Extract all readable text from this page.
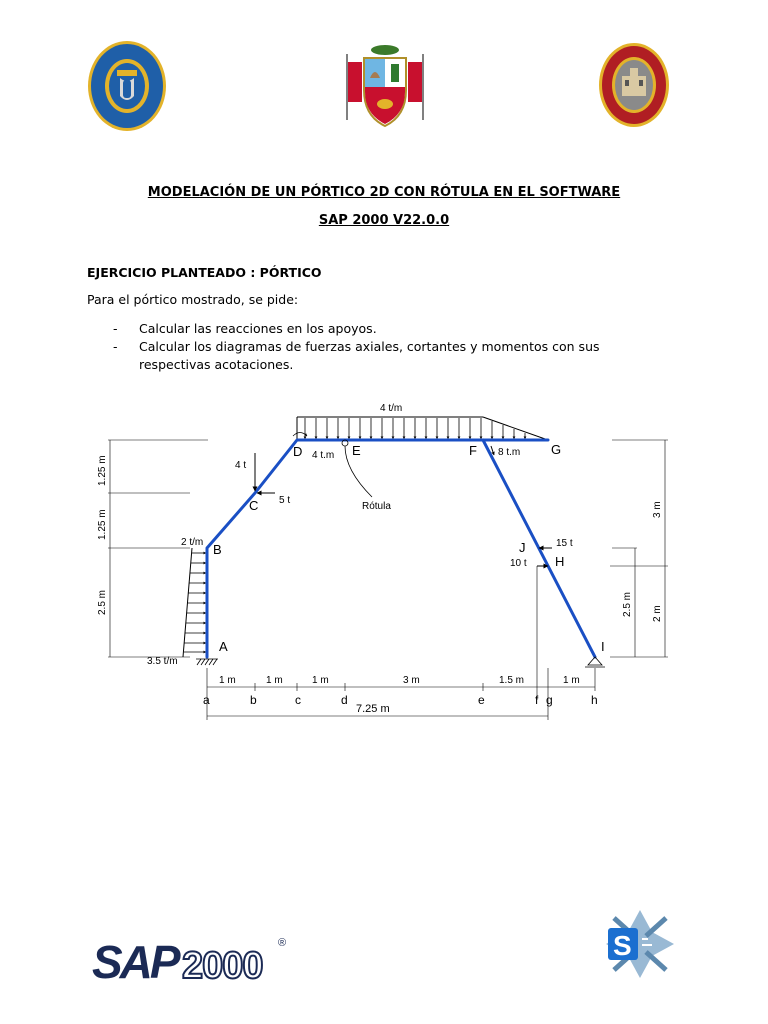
MODELACIÓN DE UN PÓRTICO 2D CON RÓTULA EN EL SOFTWARE
SAP 2000 V22.0.0
EJERCICIO PLANTEADO : PÓRTICO
Para el pórtico mostrado, se pide:
- Calcular las reacciones en los apoyos.
- Calcular los diagramas de fuerzas axiales, cortantes y momentos con sus respectivas acotaciones.
4 t/m
2 t/m
3.5 t/m
Rótula
4 t
5 t
4 t.m	8 t.m
15 t
10 t
A
B
C
D	E	F	G
J
H
I
1.25 m
1.25 m
2.5 m
3 m
2.5 m 2 m
1 m	1 m	1 m	3 m	1.5 m	1 m
a	b	c	d	e	f g	h
7.25 m
SAP 2000
®	S
